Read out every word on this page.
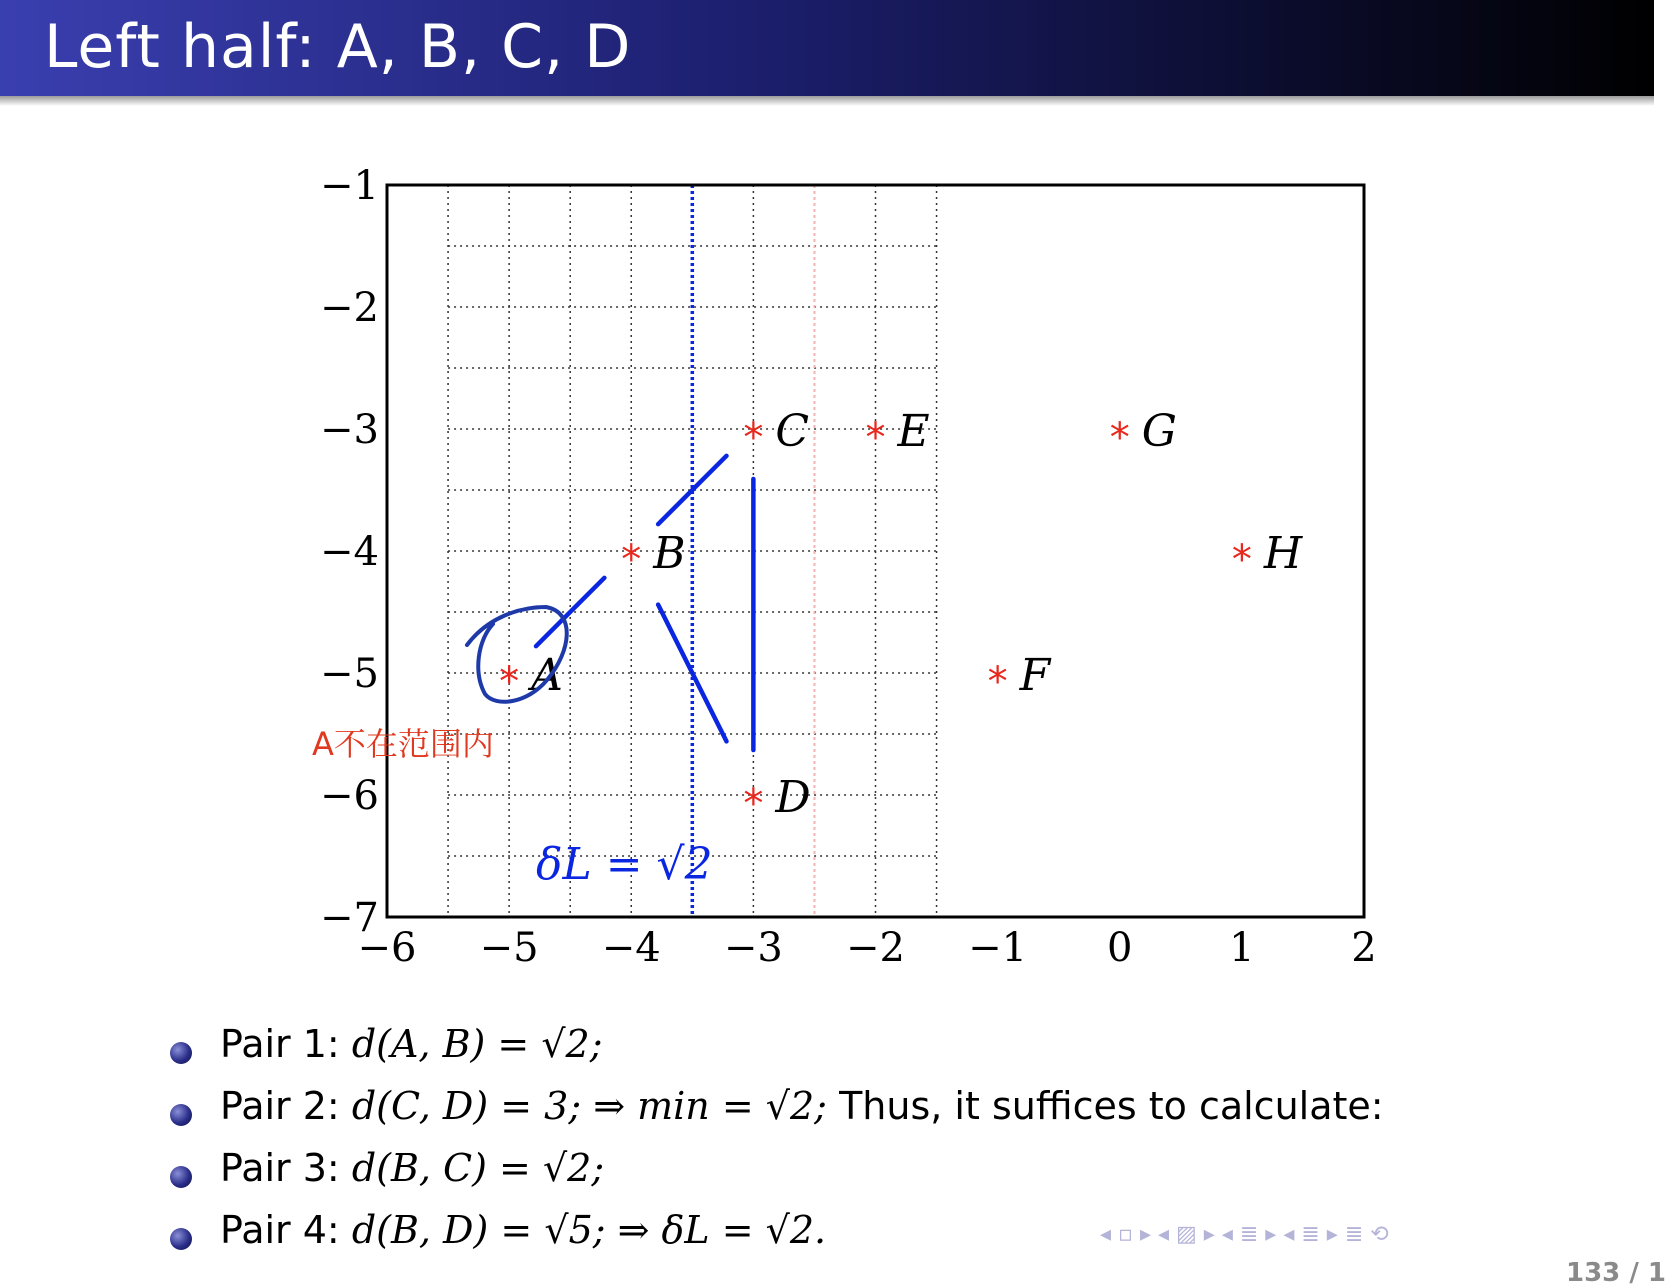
Left half: A, B, C, D
−6 −5 −4 −3 −2 −1 0 1 2
−1
−2
−3
−4
−5
−6
−7
* A
* B
* C
* D
* E
* F
* G
* H
A不在范围内
δL = √2
Pair 1: d(A, B) = √2;
Pair 2: d(C, D) = 3; ⇒ min = √2; Thus, it suffices to calculate:
Pair 3: d(B, C) = √2;
Pair 4: d(B, D) = √5; ⇒ δL = √2.	◂ ▫ ▸ ◂ ▨ ▸ ◂ ≣ ▸ ◂ ≣ ▸ ≣ ⟲
133 / 1
